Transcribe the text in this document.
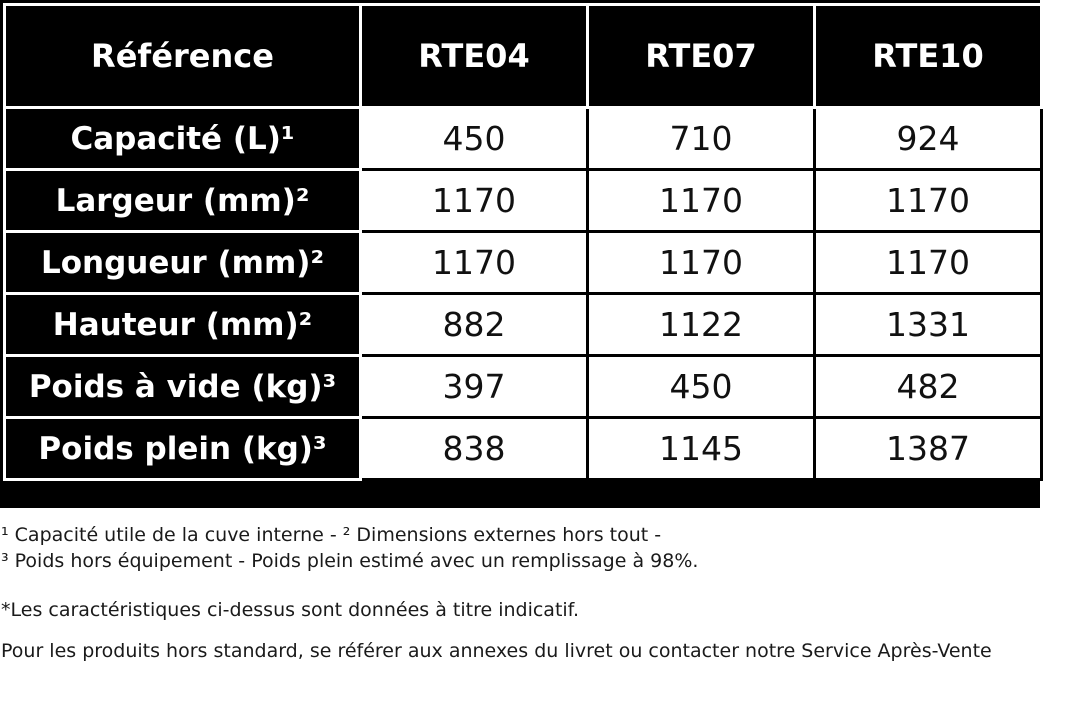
Référence	RTE04	RTE07	RTE10
Capacité (L)¹	450	710	924
Largeur (mm)²	1170	1170	1170
Longueur (mm)²	1170	1170	1170
Hauteur (mm)²	882	1122	1331
Poids à vide (kg)³	397	450	482
Poids plein (kg)³	838	1145	1387

¹ Capacité utile de la cuve interne - ² Dimensions externes hors tout -

³ Poids hors équipement - Poids plein estimé avec un remplissage à 98%.

*Les caractéristiques ci-dessus sont données à titre indicatif.

Pour les produits hors standard, se référer aux annexes du livret ou contacter notre Service Après-Vente
